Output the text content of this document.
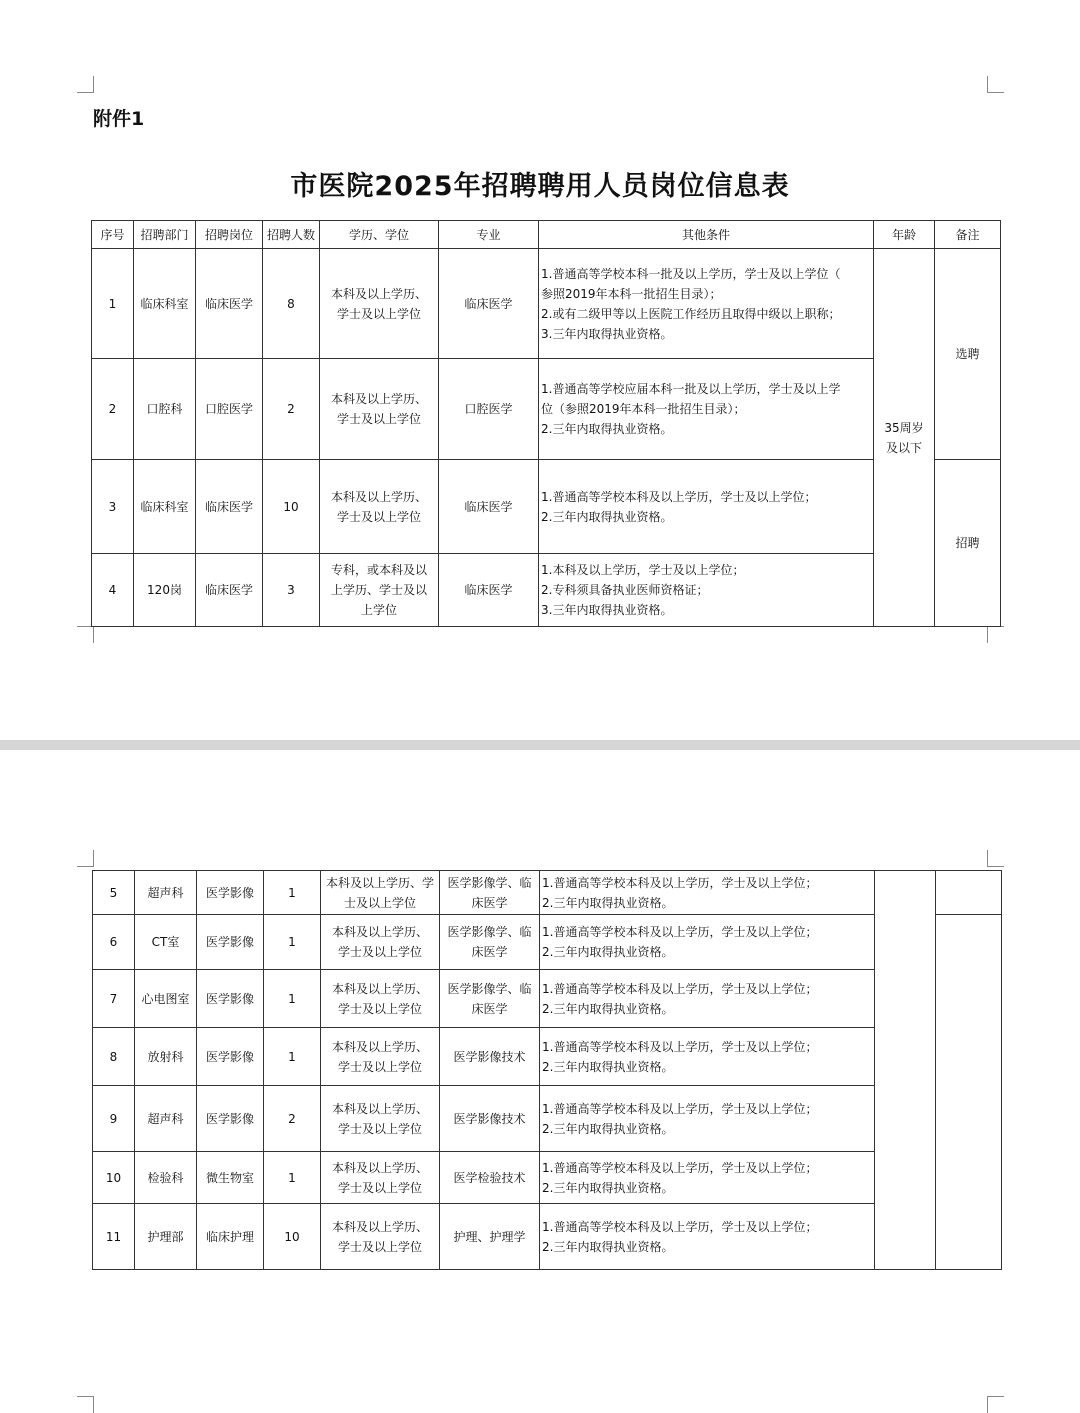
附件1
市医院2025年招聘聘用人员岗位信息表
序号	招聘部门	招聘岗位	招聘人数	学历、学位	专业	其他条件	年龄	备注
1	临床科室	临床医学	8	本科及以上学历、
学士及以上学位	临床医学	1.普通高等学校本科一批及以上学历，学士及以上学位（
参照2019年本科一批招生目录）；
2.或有二级甲等以上医院工作经历且取得中级以上职称；
3.三年内取得执业资格。	35周岁及以下	选聘
2	口腔科	口腔医学	2	本科及以上学历、
学士及以上学位	口腔医学	1.普通高等学校应届本科一批及以上学历，学士及以上学
位（参照2019年本科一批招生目录）；
2.三年内取得执业资格。		

3	临床科室	临床医学	10	本科及以上学历、
学士及以上学位	临床医学	1.普通高等学校本科及以上学历，学士及以上学位；
2.三年内取得执业资格。		招聘
4	120岗	临床医学	3	专科，或本科及以
上学历、学士及以
上学位	临床医学	1.本科及以上学历，学士及以上学位；
2.专科须具备执业医师资格证；
3.三年内取得执业资格。		
5	超声科	医学影像	1	本科及以上学历、学
士及以上学位	医学影像学、临
床医学	1.普通高等学校本科及以上学历，学士及以上学位；
2.三年内取得执业资格。		

6	CT室	医学影像	1	本科及以上学历、
学士及以上学位	医学影像学、临
床医学	1.普通高等学校本科及以上学历，学士及以上学位；
2.三年内取得执业资格。		

7	心电图室	医学影像	1	本科及以上学历、
学士及以上学位	医学影像学、临
床医学	1.普通高等学校本科及以上学历，学士及以上学位；
2.三年内取得执业资格。		

8	放射科	医学影像	1	本科及以上学历、
学士及以上学位	医学影像技术	1.普通高等学校本科及以上学历，学士及以上学位；
2.三年内取得执业资格。		

9	超声科	医学影像	2	本科及以上学历、
学士及以上学位	医学影像技术	1.普通高等学校本科及以上学历，学士及以上学位；
2.三年内取得执业资格。		

10	检验科	微生物室	1	本科及以上学历、
学士及以上学位	医学检验技术	1.普通高等学校本科及以上学历，学士及以上学位；
2.三年内取得执业资格。		

11	护理部	临床护理	10	本科及以上学历、
学士及以上学位	护理、护理学	1.普通高等学校本科及以上学历，学士及以上学位；
2.三年内取得执业资格。		
